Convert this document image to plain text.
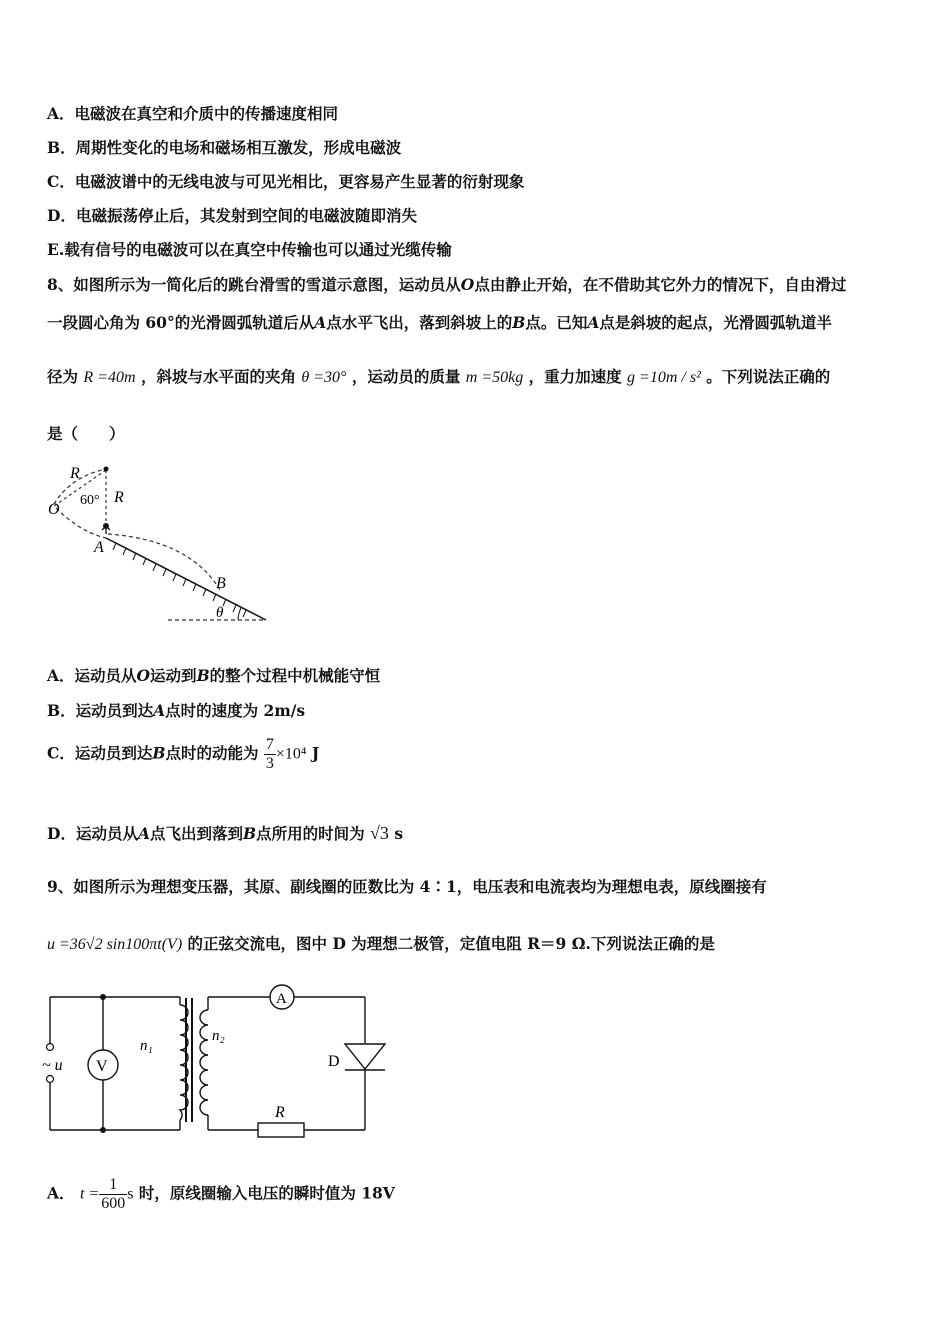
A．电磁波在真空和介质中的传播速度相同
B．周期性变化的电场和磁场相互激发，形成电磁波
C．电磁波谱中的无线电波与可见光相比，更容易产生显著的衍射现象
D．电磁振荡停止后，其发射到空间的电磁波随即消失
E.载有信号的电磁波可以在真空中传输也可以通过光缆传输
8、如图所示为一简化后的跳台滑雪的雪道示意图，运动员从O点由静止开始，在不借助其它外力的情况下，自由滑过
一段圆心角为 60°的光滑圆弧轨道后从A点水平飞出，落到斜坡上的B点。已知A点是斜坡的起点，光滑圆弧轨道半
径为 R =40m ，斜坡与水平面的夹角 θ =30° ，运动员的质量 m =50kg ，重力加速度 g =10m / s² 。下列说法正确的
是（　　）
R
60° R
O
A
B
θ
A．运动员从O运动到B的整个过程中机械能守恒
B．运动员到达A点时的速度为 2m/s
C．运动员到达B点时的动能为 $\frac{7}{3} \times 10^4$ J
D．运动员从A点飞出到落到B点所用的时间为 √3 s
9、如图所示为理想变压器，其原、副线圈的匝数比为 4∶1，电压表和电流表均为理想电表，原线圈接有
u =36√2 sin100πt(V) 的正弦交流电，图中 D 为理想二极管，定值电阻 R＝9 Ω.下列说法正确的是
~ u V
n₁
n₂
A
D
R
A． $t = \frac{1}{600}$ s 时，原线圈输入电压的瞬时值为 18V
